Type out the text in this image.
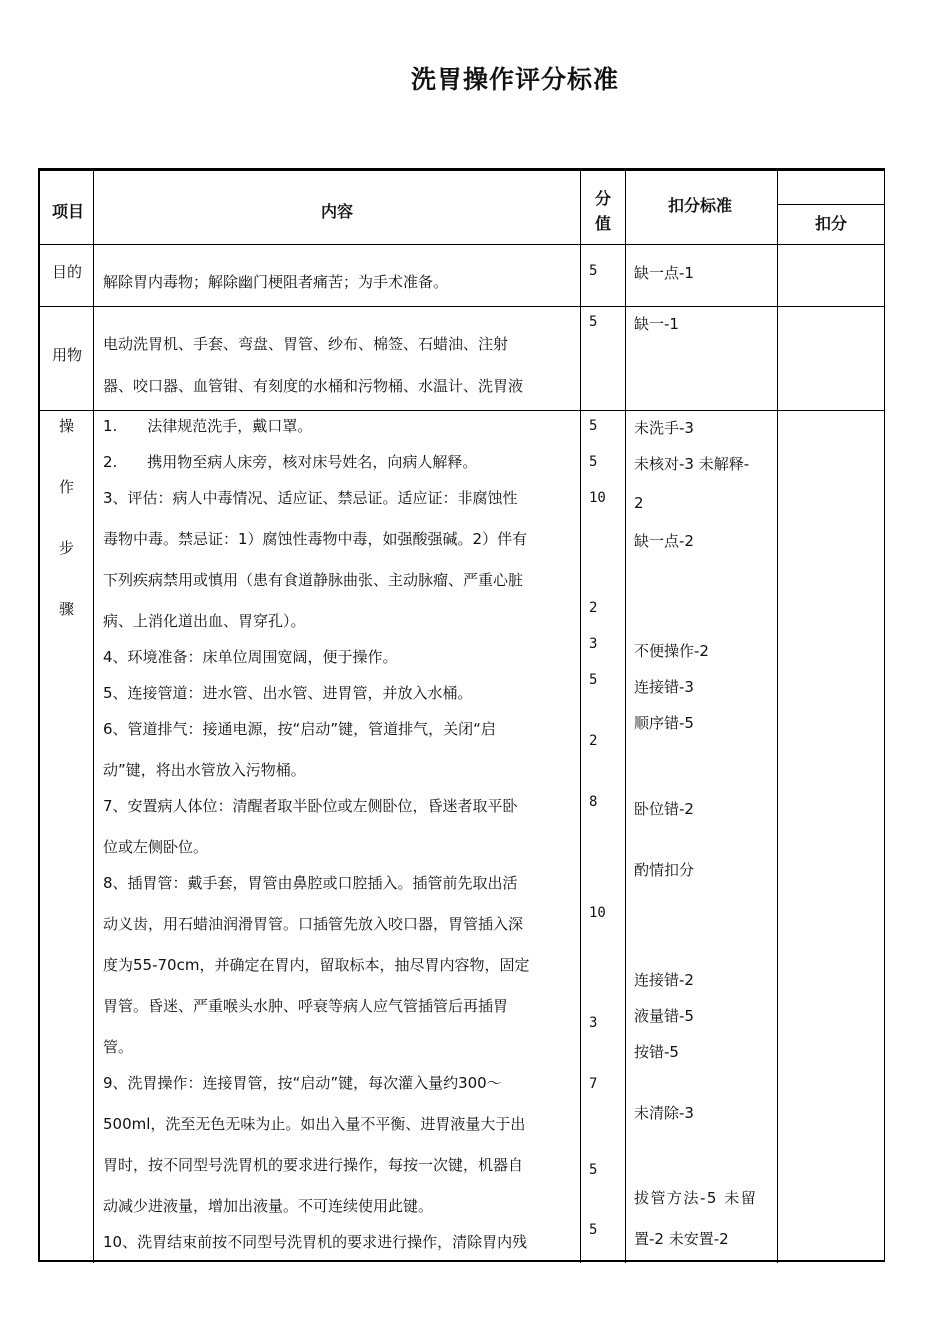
洗胃操作评分标准
项目	内容
分
值
扣分标准
扣分
目的
解除胃内毒物；解除幽门梗阻者痛苦；为手术准备。
5 缺一点-1
用物
电动洗胃机、手套、弯盘、胃管、纱布、棉签、石蜡油、注射
器、咬口器、血管钳、有刻度的水桶和污物桶、水温计、洗胃液
5 缺一-1
操
作
步
骤
1.　　法律规范洗手，戴口罩。
2.　　携用物至病人床旁，核对床号姓名，向病人解释。
3、评估：病人中毒情况、适应证、禁忌证。适应证：非腐蚀性
毒物中毒。禁忌证：1）腐蚀性毒物中毒，如强酸强碱。2）伴有
下列疾病禁用或慎用（患有食道静脉曲张、主动脉瘤、严重心脏
病、上消化道出血、胃穿孔）。
4、环境准备：床单位周围宽阔，便于操作。
5、连接管道：进水管、出水管、进胃管，并放入水桶。
6、管道排气：接通电源，按“启动”键，管道排气，关闭“启
动”键，将出水管放入污物桶。
7、安置病人体位：清醒者取半卧位或左侧卧位，昏迷者取平卧
位或左侧卧位。
8、插胃管：戴手套，胃管由鼻腔或口腔插入。插管前先取出活
动义齿，用石蜡油润滑胃管。口插管先放入咬口器，胃管插入深
度为55-70cm，并确定在胃内，留取标本，抽尽胃内容物，固定
胃管。昏迷、严重喉头水肿、呼衰等病人应气管插管后再插胃
管。
9、洗胃操作：连接胃管，按“启动”键，每次灌入量约300～
500ml，洗至无色无味为止。如出入量不平衡、进胃液量大于出
胃时，按不同型号洗胃机的要求进行操作，每按一次键，机器自
动减少进液量，增加出液量。不可连续使用此键。
10、洗胃结束前按不同型号洗胃机的要求进行操作，清除胃内残
5
5
10
2
3
5
2
8
10
3
7
5
5
未洗手-3
未核对-3 未解释-
2
缺一点-2
不便操作-2
连接错-3
顺序错-5
卧位错-2
酌情扣分
连接错-2
液量错-5
按错-5
未清除-3
拔管方法-5 未留
置-2 未安置-2
